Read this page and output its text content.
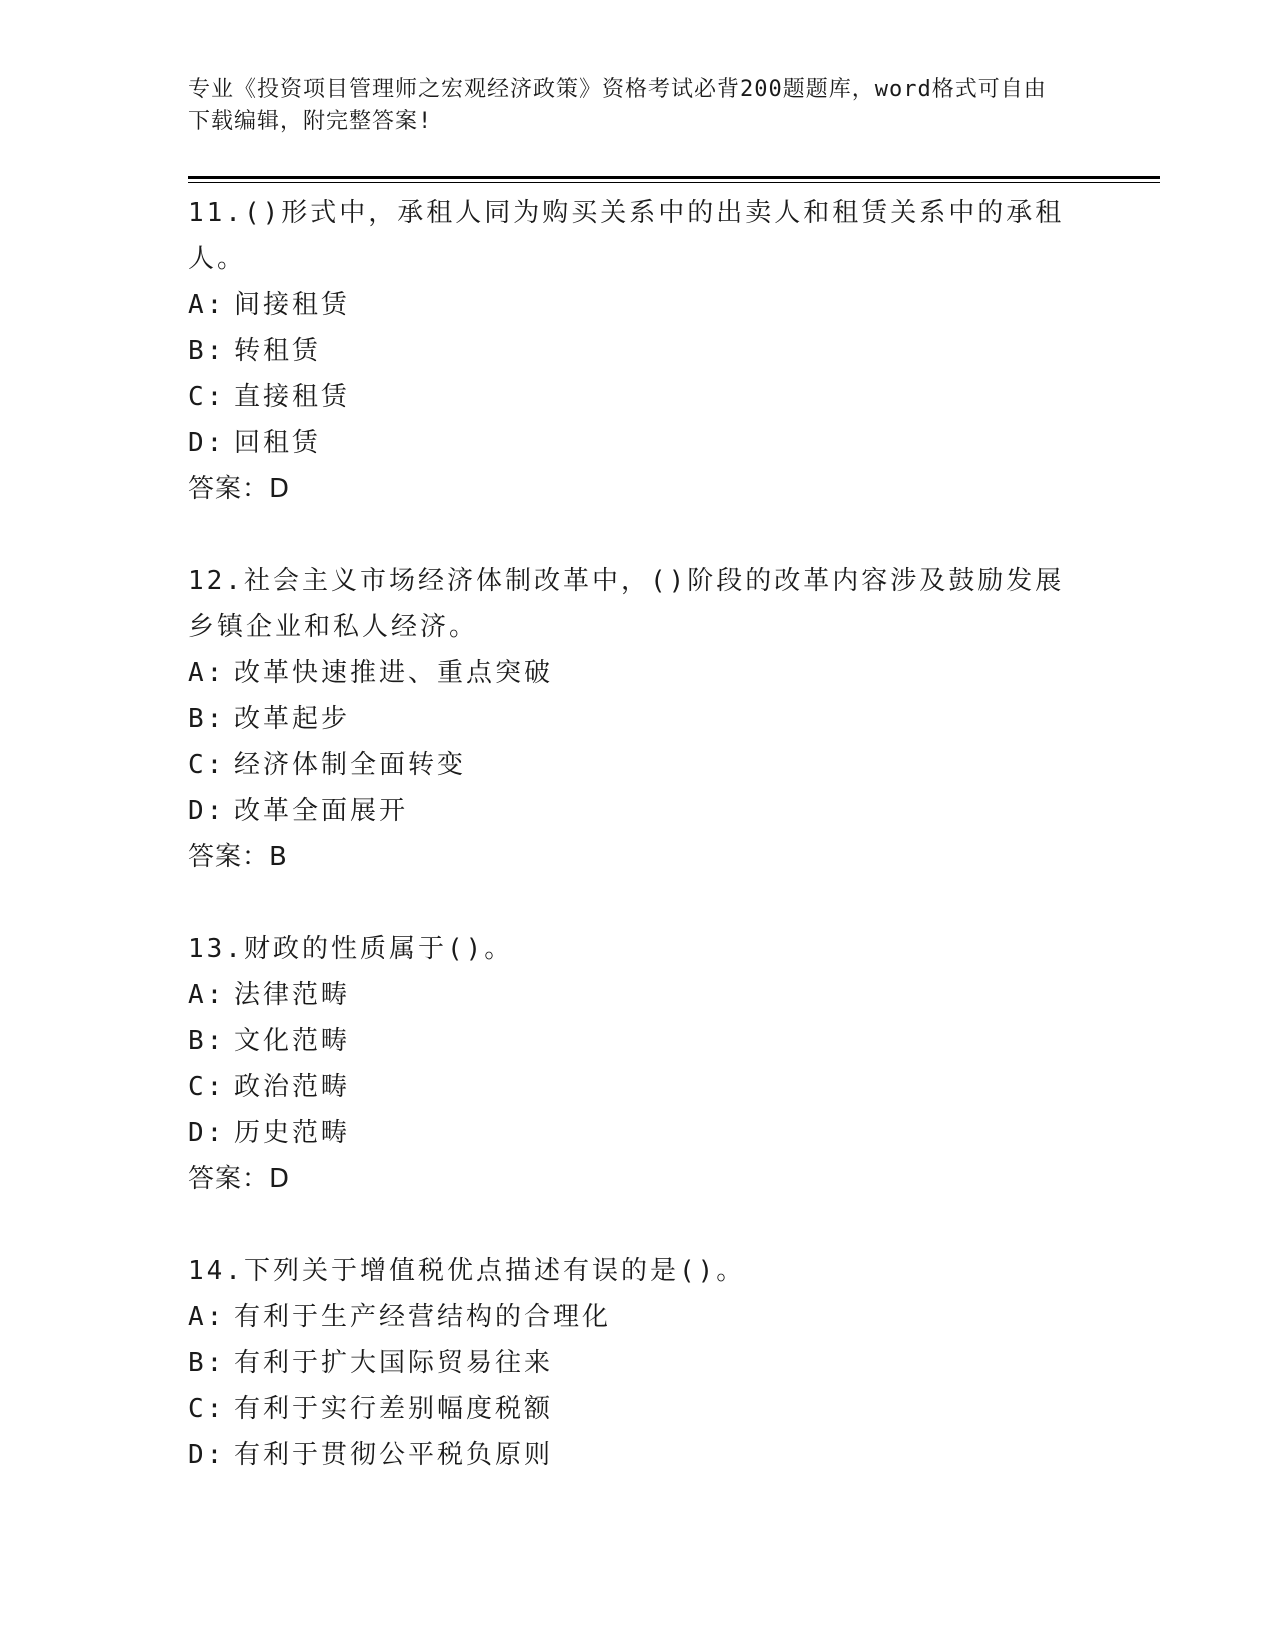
专业《投资项目管理师之宏观经济政策》资格考试必背200题题库，word格式可自由下载编辑，附完整答案!
11.()形式中，承租人同为购买关系中的出卖人和租赁关系中的承租人。
A: 间接租赁
B: 转租赁
C: 直接租赁
D: 回租赁
答案：D
12.社会主义市场经济体制改革中，()阶段的改革内容涉及鼓励发展乡镇企业和私人经济。
A: 改革快速推进、重点突破
B: 改革起步
C: 经济体制全面转变
D: 改革全面展开
答案：B
13.财政的性质属于()。
A: 法律范畴
B: 文化范畴
C: 政治范畴
D: 历史范畴
答案：D
14.下列关于增值税优点描述有误的是()。
A: 有利于生产经营结构的合理化
B: 有利于扩大国际贸易往来
C: 有利于实行差别幅度税额
D: 有利于贯彻公平税负原则
